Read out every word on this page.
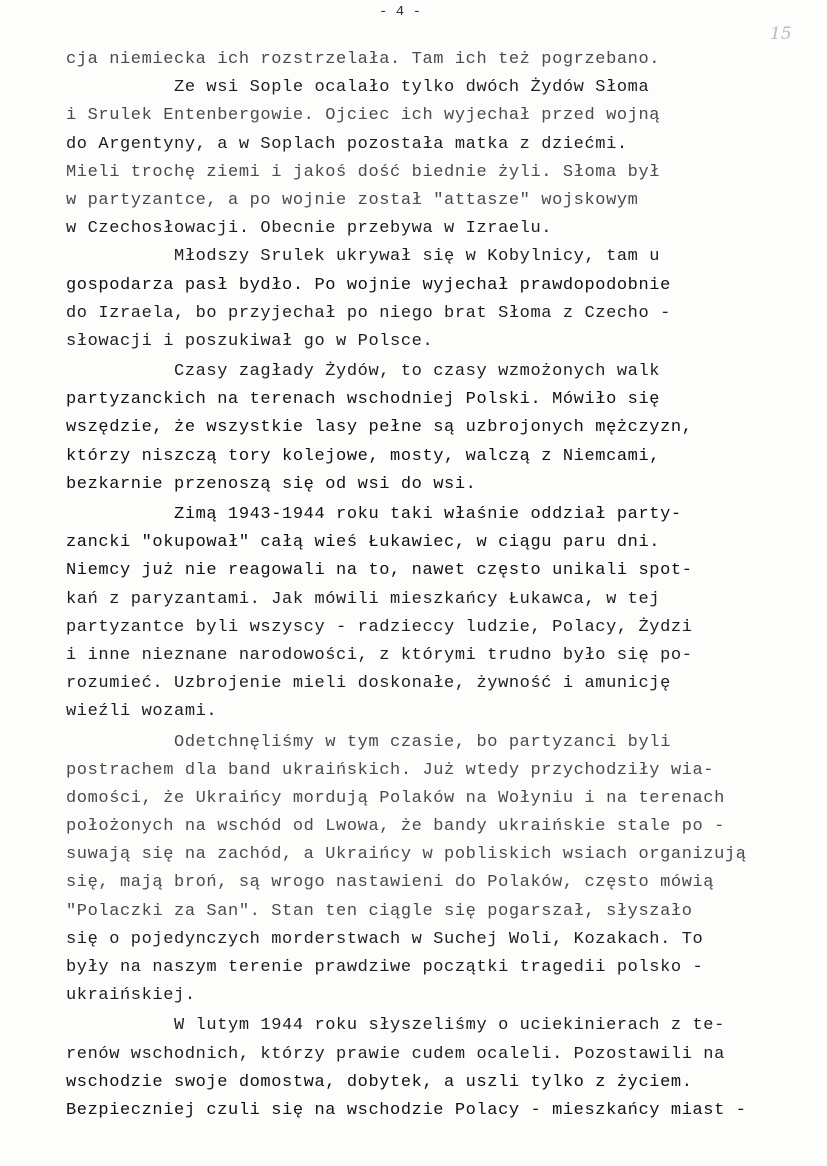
- 4 -
15
cja niemiecka ich rozstrzelała. Tam ich też pogrzebano.
Ze wsi Sople ocalało tylko dwóch Żydów Słoma
i Srulek Entenbergowie. Ojciec ich wyjechał przed wojną
do Argentyny, a w Soplach pozostała matka z dziećmi.
Mieli trochę ziemi i jakoś dość biednie żyli. Słoma był
w partyzantce, a po wojnie został "attasze" wojskowym
w Czechosłowacji. Obecnie przebywa w Izraelu.
Młodszy Srulek ukrywał się w Kobylnicy, tam u
gospodarza pasł bydło. Po wojnie wyjechał prawdopodobnie
do Izraela, bo przyjechał po niego brat Słoma z Czecho -
słowacji i poszukiwał go w Polsce.
Czasy zagłady Żydów, to czasy wzmożonych walk
partyzanckich na terenach wschodniej Polski. Mówiło się
wszędzie, że wszystkie lasy pełne są uzbrojonych mężczyzn,
którzy niszczą tory kolejowe, mosty, walczą z Niemcami,
bezkarnie przenoszą się od wsi do wsi.
Zimą 1943-1944 roku taki właśnie oddział party-
zancki "okupował" całą wieś Łukawiec, w ciągu paru dni.
Niemcy już nie reagowali na to, nawet często unikali spot-
kań z paryzantami. Jak mówili mieszkańcy Łukawca, w tej
partyzantce byli wszyscy - radzieccy ludzie, Polacy, Żydzi
i inne nieznane narodowości, z którymi trudno było się po-
rozumieć. Uzbrojenie mieli doskonałe, żywność i amunicję
wieźli wozami.
Odetchnęliśmy w tym czasie, bo partyzanci byli
postrachem dla band ukraińskich. Już wtedy przychodziły wia-
domości, że Ukraińcy mordują Polaków na Wołyniu i na terenach
położonych na wschód od Lwowa, że bandy ukraińskie stale po -
suwają się na zachód, a Ukraińcy w pobliskich wsiach organizują
się, mają broń, są wrogo nastawieni do Polaków, często mówią
"Polaczki za San". Stan ten ciągle się pogarszał, słyszało
się o pojedynczych morderstwach w Suchej Woli, Kozakach. To
były na naszym terenie prawdziwe początki tragedii polsko -
ukraińskiej.
W lutym 1944 roku słyszeliśmy o uciekinierach z te-
renów wschodnich, którzy prawie cudem ocaleli. Pozostawili na
wschodzie swoje domostwa, dobytek, a uszli tylko z życiem.
Bezpieczniej czuli się na wschodzie Polacy - mieszkańcy miast -
